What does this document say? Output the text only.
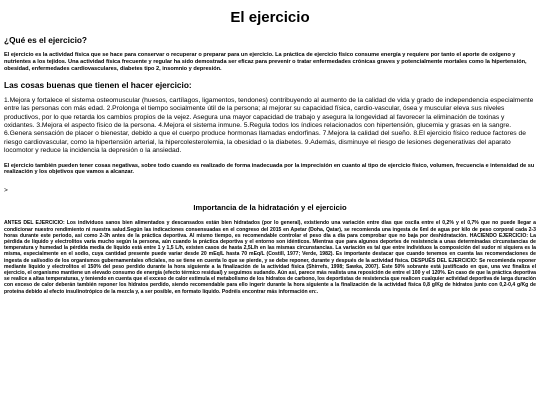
El ejercicio
¿Qué es el ejercicio?

El ejercicio es la actividad física que se hace para conservar o recuperar o preparar para un ejercicio. La práctica de ejercicio físico consume energía y requiere por tanto el aporte de oxígeno y nutrientes a los tejidos. Una actividad física frecuente y regular ha sido demostrada ser eficaz para prevenir o tratar enfermedades crónicas graves y potencialmente mortales como la hipertensión, obesidad, enfermedades cardiovasculares, diabetes tipo 2, insomnio y depresión.

Las cosas buenas que tienen el hacer ejercicio:

1.Mejora y fortalece el sistema osteomuscular (huesos, cartílagos, ligamentos, tendones) contribuyendo al aumento de la calidad de vida y grado de independencia especialmente entre las personas con más edad. 2.Prolonga el tiempo socialmente útil de la persona; al mejorar su capacidad física, cardio-vascular, ósea y muscular eleva sus niveles productivos, por lo que retarda los cambios propios de la vejez. Asegura una mayor capacidad de trabajo y asegura la longevidad al favorecer la eliminación de toxinas y oxidantes. 3.Mejora el aspecto físico de la persona. 4.Mejora el sistema inmune. 5.Regula todos los índices relacionados con hipertensión, glucemia y grasas en la sangre. 6.Genera sensación de placer o bienestar, debido a que el cuerpo produce hormonas llamadas endorfinas. 7.Mejora la calidad del sueño. 8.El ejercicio físico reduce factores de riesgo cardiovascular, como la hipertensión arterial, la hipercolesterolemia, la obesidad o la diabetes. 9.Además, disminuye el riesgo de lesiones degenerativas del aparato locomotor y reduce la incidencia la depresión o la ansiedad.

El ejercicio también pueden tener cosas negativas, sobre todo cuando es realizado de forma inadecuada por la imprecisión en cuanto al tipo de ejercicio físico, volumen, frecuencia e intensidad de su realización y los objetivos que vamos a alcanzar.

>

Importancia de la hidratación y el ejercicio

ANTES DEL EJERCICIO: Los individuos sanos bien alimentados y descansados están bien hidratados (por lo general), existiendo una variación entre días que oscila entre el 0,2% y el 0,7% que no puede llegar a condicionar nuestro rendimiento ni nuestra salud.Según las indicaciones consensuadas en el congreso del 2015 en Apetar (Doha, Qatar), se recomienda una ingesta de 6ml de agua por kilo de peso corporal cada 2-3 horas durante este periodo, así como 2-3h antes de la práctica deportiva. Al mismo tiempo, es recomendable controlar el peso día a día para comprobar que no baja por deshidratación. HACIENDO EJERCICIO: La pérdida de líquido y electrolitos varía mucho según la persona, aún cuando la práctica deportiva y el entorno son idénticos. Mientras que para algunos deportes de resistencia a unas determinadas circunstancias de temperatura y humedad la pérdida media de líquido está entre 1 y 1,5 L/h, existen casos de hasta 2,5L/h en las mismas circunstancias. La variación es tal que entre individuos la composición del sudor ni siquiera es la misma, especialmente en el sodio, cuya cantidad presente puede variar desde 20 mEq/L hasta 70 mEq/L (Costill, 1977; Verde, 1982). Es importante destacar que cuando tenemos en cuenta las recomendaciones de ingesta de sal/sodio de los organismos gubernamentales oficiales, no se tiene en cuenta lo que se pierde, y se debe reponer, durante y después de la actividad física. DESPUÉS DEL EJERCICIO: Se recomienda reponer mediante líquido y electrolitos el 150% del peso perdido durante la hora siguiente a la finalización de la actividad física (Shirrefs, 1998; Sawka, 2007). Este 50% sobrante está justificado en que, una vez finaliza el ejercicio, el organismo mantiene un elevado consumo de energía (efecto térmico residual) y seguimos sudando. Aún así, parece más realista una reposición de entre el 100 y el 120%. En caso de que la práctica deportiva se realice a altas temperaturas, y teniendo en cuenta que el exceso de calor estimula el metabolismo de los hidratos de carbono, los deportistas de resistencia que realicen cualquier actividad deportiva de larga duración con exceso de calor deberán también reponer los hidratos perdido, siendo recomendable para ello ingerir durante la hora siguiente a la finalización de la actividad física 0,8 g/Kg de hidratos junto con 0,2-0,4 g/Kg de proteína debido al efecto insulinotrópico de la mezcla y, a ser posible, en formato líquido. Podréis encontrar más información en:.
